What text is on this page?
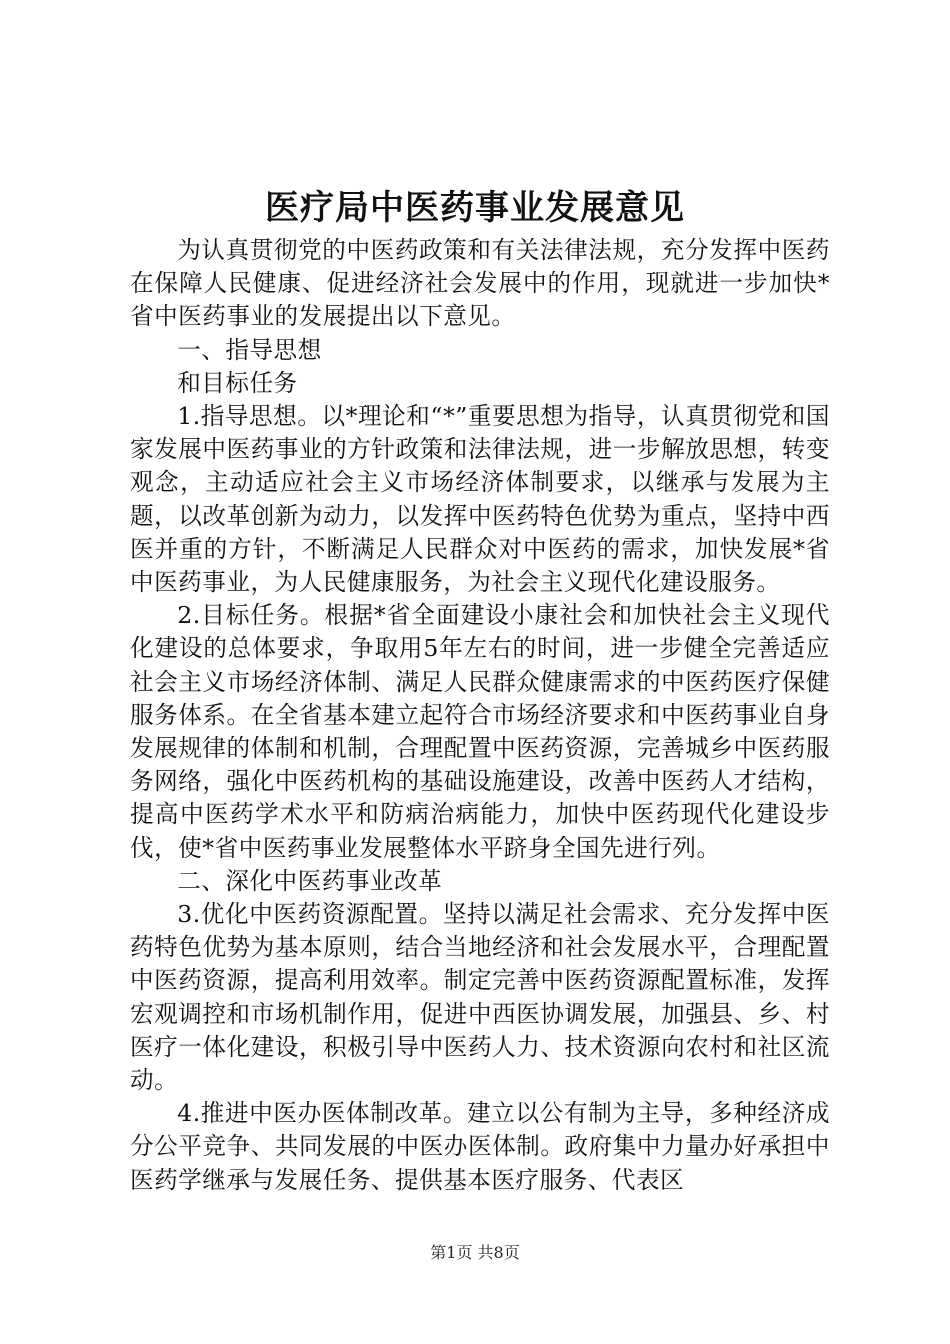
医疗局中医药事业发展意见

为认真贯彻党的中医药政策和有关法律法规，充分发挥中医药在保障人民健康、促进经济社会发展中的作用，现就进一步加快*省中医药事业的发展提出以下意见。

一、指导思想

和目标任务

1.指导思想。以*理论和“*”重要思想为指导，认真贯彻党和国家发展中医药事业的方针政策和法律法规，进一步解放思想，转变观念，主动适应社会主义市场经济体制要求，以继承与发展为主题，以改革创新为动力，以发挥中医药特色优势为重点，坚持中西医并重的方针，不断满足人民群众对中医药的需求，加快发展*省中医药事业，为人民健康服务，为社会主义现代化建设服务。

2.目标任务。根据*省全面建设小康社会和加快社会主义现代化建设的总体要求，争取用5年左右的时间，进一步健全完善适应社会主义市场经济体制、满足人民群众健康需求的中医药医疗保健服务体系。在全省基本建立起符合市场经济要求和中医药事业自身发展规律的体制和机制，合理配置中医药资源，完善城乡中医药服务网络，强化中医药机构的基础设施建设，改善中医药人才结构，提高中医药学术水平和防病治病能力，加快中医药现代化建设步伐，使*省中医药事业发展整体水平跻身全国先进行列。

二、深化中医药事业改革

3.优化中医药资源配置。坚持以满足社会需求、充分发挥中医药特色优势为基本原则，结合当地经济和社会发展水平，合理配置中医药资源，提高利用效率。制定完善中医药资源配置标准，发挥宏观调控和市场机制作用，促进中西医协调发展，加强县、乡、村医疗一体化建设，积极引导中医药人力、技术资源向农村和社区流动。

4.推进中医办医体制改革。建立以公有制为主导，多种经济成分公平竞争、共同发展的中医办医体制。政府集中力量办好承担中医药学继承与发展任务、提供基本医疗服务、代表区

第1页 共8页
